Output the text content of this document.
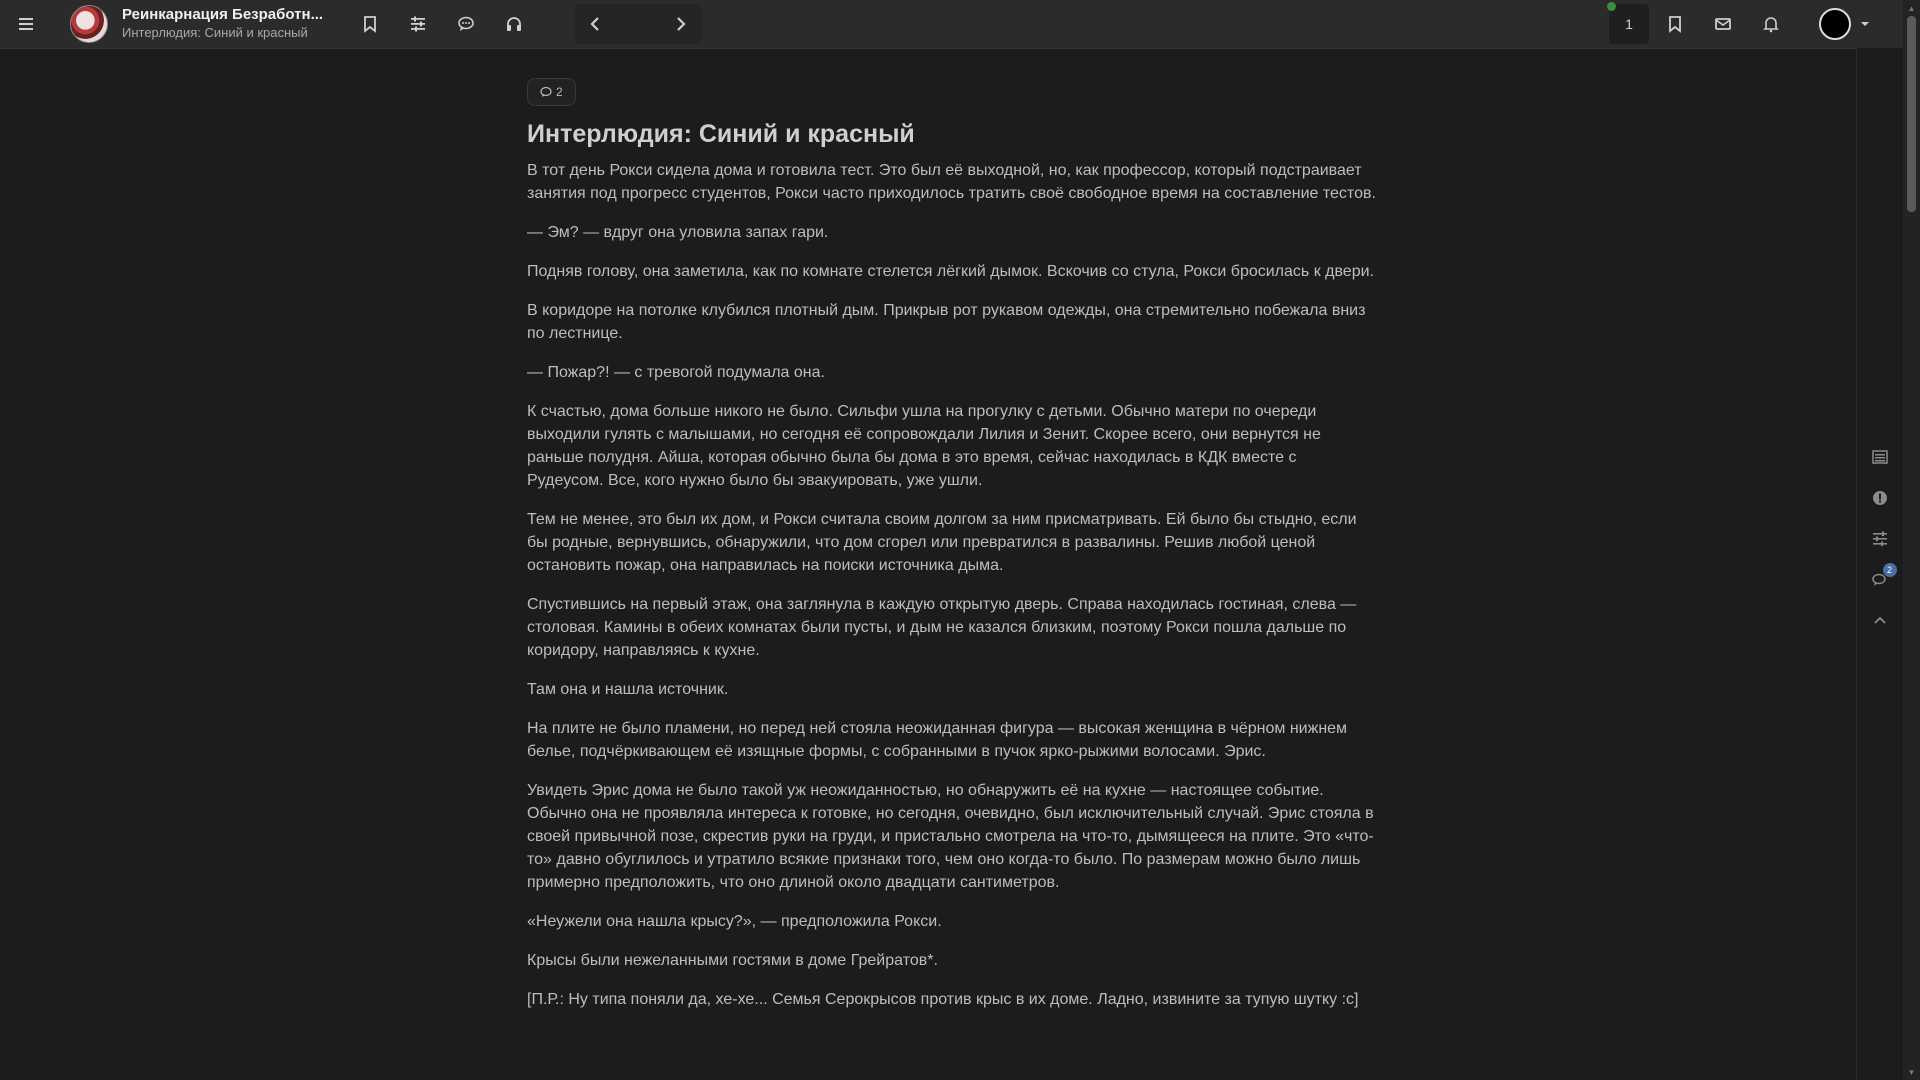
Реинкарнация Безработн...
Интерлюдия: Синий и красный
1
2
Интерлюдия: Синий и красный

В тот день Рокси сидела дома и готовила тест. Это был её выходной, но, как профессор, который подстраивает занятия под прогресс студентов, Рокси часто приходилось тратить своё свободное время на составление тестов.

— Эм? — вдруг она уловила запах гари.

Подняв голову, она заметила, как по комнате стелется лёгкий дымок. Вскочив со стула, Рокси бросилась к двери.

В коридоре на потолке клубился плотный дым. Прикрыв рот рукавом одежды, она стремительно побежала вниз по лестнице.

— Пожар?! — с тревогой подумала она.

К счастью, дома больше никого не было. Сильфи ушла на прогулку с детьми. Обычно матери по очереди выходили гулять с малышами, но сегодня её сопровождали Лилия и Зенит. Скорее всего, они вернутся не раньше полудня. Айша, которая обычно была бы дома в это время, сейчас находилась в КДК вместе с Рудеусом. Все, кого нужно было бы эвакуировать, уже ушли.

Тем не менее, это был их дом, и Рокси считала своим долгом за ним присматривать. Ей было бы стыдно, если бы родные, вернувшись, обнаружили, что дом сгорел или превратился в развалины. Решив любой ценой остановить пожар, она направилась на поиски источника дыма.

Спустившись на первый этаж, она заглянула в каждую открытую дверь. Справа находилась гостиная, слева — столовая. Камины в обеих комнатах были пусты, и дым не казался близким, поэтому Рокси пошла дальше по коридору, направляясь к кухне.

Там она и нашла источник.

На плите не было пламени, но перед ней стояла неожиданная фигура — высокая женщина в чёрном нижнем белье, подчёркивающем её изящные формы, с собранными в пучок ярко-рыжими волосами. Эрис.

Увидеть Эрис дома не было такой уж неожиданностью, но обнаружить её на кухне — настоящее событие. Обычно она не проявляла интереса к готовке, но сегодня, очевидно, был исключительный случай. Эрис стояла в своей привычной позе, скрестив руки на груди, и пристально смотрела на что-то, дымящееся на плите. Это «что-то» давно обуглилось и утратило всякие признаки того, чем оно когда-то было. По размерам можно было лишь примерно предположить, что оно длиной около двадцати сантиметров.

«Неужели она нашла крысу?», — предположила Рокси.

Крысы были нежеланными гостями в доме Грейратов*.

[П.Р.: Ну типа поняли да, хе-хе... Семья Серокрысов против крыс в их доме. Ладно, извините за тупую шутку :c]

2
▲
▼
